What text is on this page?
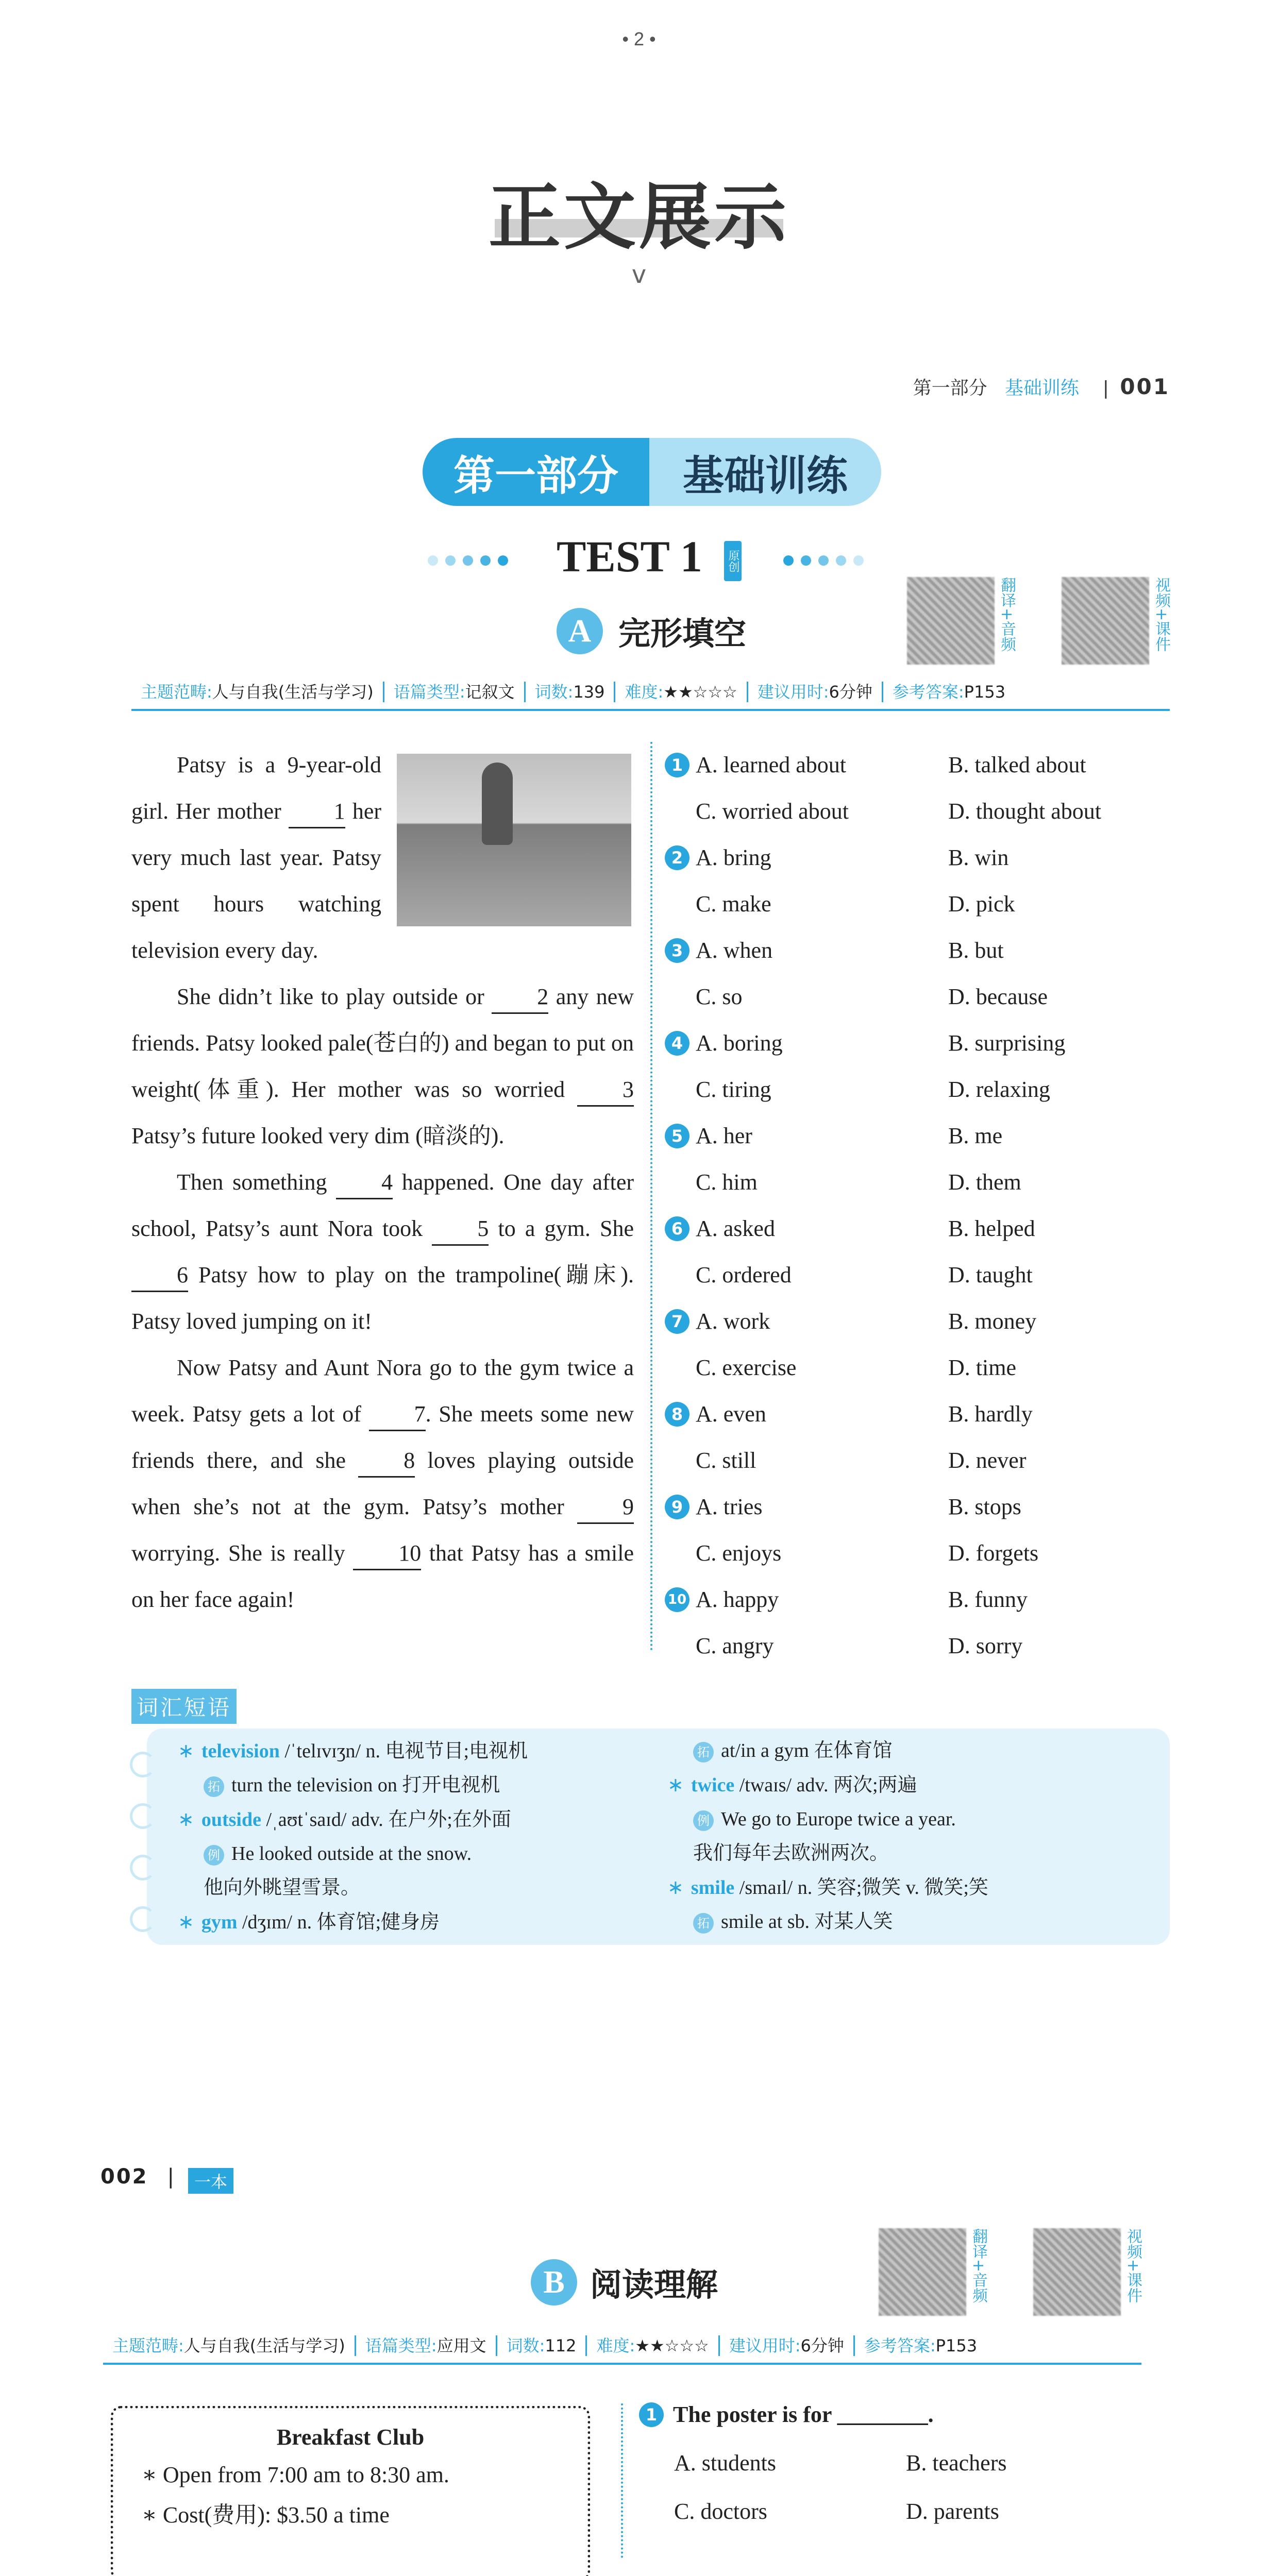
• 2 •
正文展示
v
第一部分 基础训练 | 001
第一部分	基础训练
TEST 1 原创
翻译+音频	视频+课件
A 完形填空
主题范畴:人与自我(生活与学习)	语篇类型:记叙文	词数:139	难度:★★☆☆☆	建议用时:6分钟	参考答案:P153
Patsy is a 9-year-old girl. Her mother 1 her very much last year. Patsy spent hours watching television every day.
She didn’t like to play outside or 2 any new friends. Patsy looked pale(苍白的) and began to put on weight(体重). Her mother was so worried	3 Patsy’s future looked very dim (暗淡的).
Then something 4 happened. One day after school, Patsy’s aunt Nora took 5 to a gym. She 6 Patsy how to play on the trampoline(蹦床). Patsy loved jumping on it!
Now Patsy and Aunt Nora go to the gym twice a week. Patsy gets a lot of 7. She meets some new friends there, and she	8 loves playing outside when she’s not at the gym. Patsy’s mother	9 worrying. She is really 10 that Patsy has a smile on her face again!
1 A. learned about	B. talked about
C. worried about	D. thought about
2 A. bring	B. win
C. make	D. pick
3 A. when	B. but
C. so	D. because
4 A. boring	B. surprising
C. tiring	D. relaxing
5 A. her	B. me
C. him	D. them
6 A. asked	B. helped
C. ordered	D. taught
7 A. work	B. money
C. exercise	D. time
8 A. even	B. hardly
C. still	D. never
9 A. tries	B. stops
C. enjoys	D. forgets
10 A. happy	B. funny
C. angry	D. sorry
词汇短语
∗ television /ˈtelɪvɪʒn/ n. 电视节目;电视机
拓 turn the television on 打开电视机
∗ outside /ˌaʊtˈsaɪd/ adv. 在户外;在外面
例 He looked outside at the snow.
他向外眺望雪景。
∗ gym /dʒɪm/ n. 体育馆;健身房
拓 at/in a gym 在体育馆
∗ twice /twaɪs/ adv. 两次;两遍
例 We go to Europe twice a year.
我们每年去欧洲两次。
∗ smile /smaɪl/ n. 笑容;微笑 v. 微笑;笑
拓 smile at sb. 对某人笑
002 |	一本
翻译+音频	视频+课件
B 阅读理解
主题范畴:人与自我(生活与学习)	语篇类型:应用文	词数:112	难度:★★☆☆☆	建议用时:6分钟	参考答案:P153
Breakfast Club
∗ Open from 7:00 am to 8:30 am.
∗ Cost(费用): $3.50 a time
1 The poster is for ________.
A. students	B. teachers
C. doctors	D. parents
